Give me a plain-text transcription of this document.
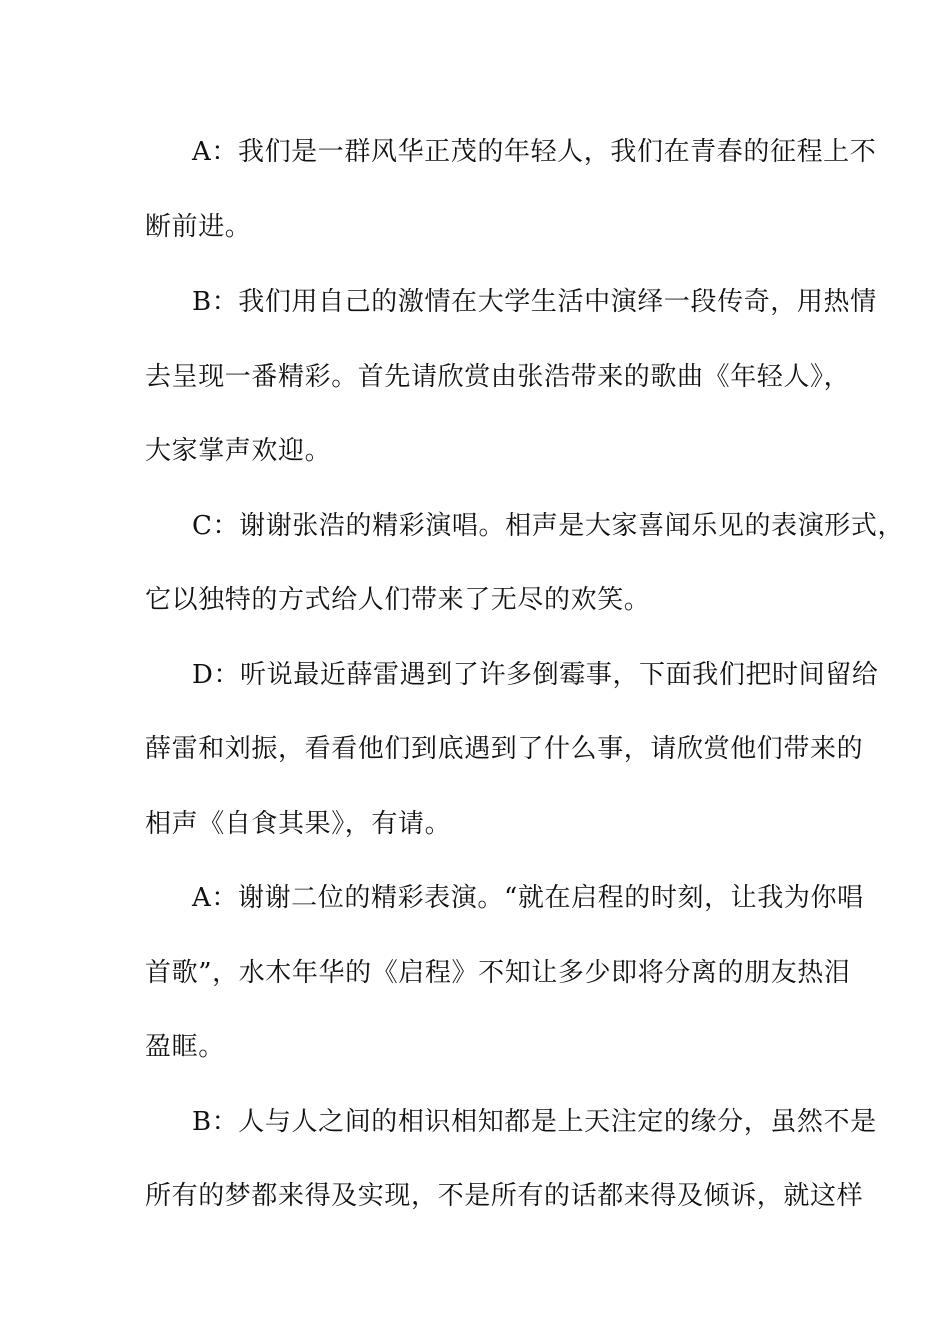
A：我们是一群风华正茂的年轻人，我们在青春的征程上不
断前进。
B：我们用自己的激情在大学生活中演绎一段传奇，用热情
去呈现一番精彩。首先请欣赏由张浩带来的歌曲《年轻人》，
大家掌声欢迎。
C：谢谢张浩的精彩演唱。相声是大家喜闻乐见的表演形式，
它以独特的方式给人们带来了无尽的欢笑。
D：听说最近薛雷遇到了许多倒霉事，下面我们把时间留给
薛雷和刘振，看看他们到底遇到了什么事，请欣赏他们带来的
相声《自食其果》，有请。
A：谢谢二位的精彩表演。“就在启程的时刻，让我为你唱
首歌”，水木年华的《启程》不知让多少即将分离的朋友热泪
盈眶。
B：人与人之间的相识相知都是上天注定的缘分，虽然不是
所有的梦都来得及实现，不是所有的话都来得及倾诉，就这样
